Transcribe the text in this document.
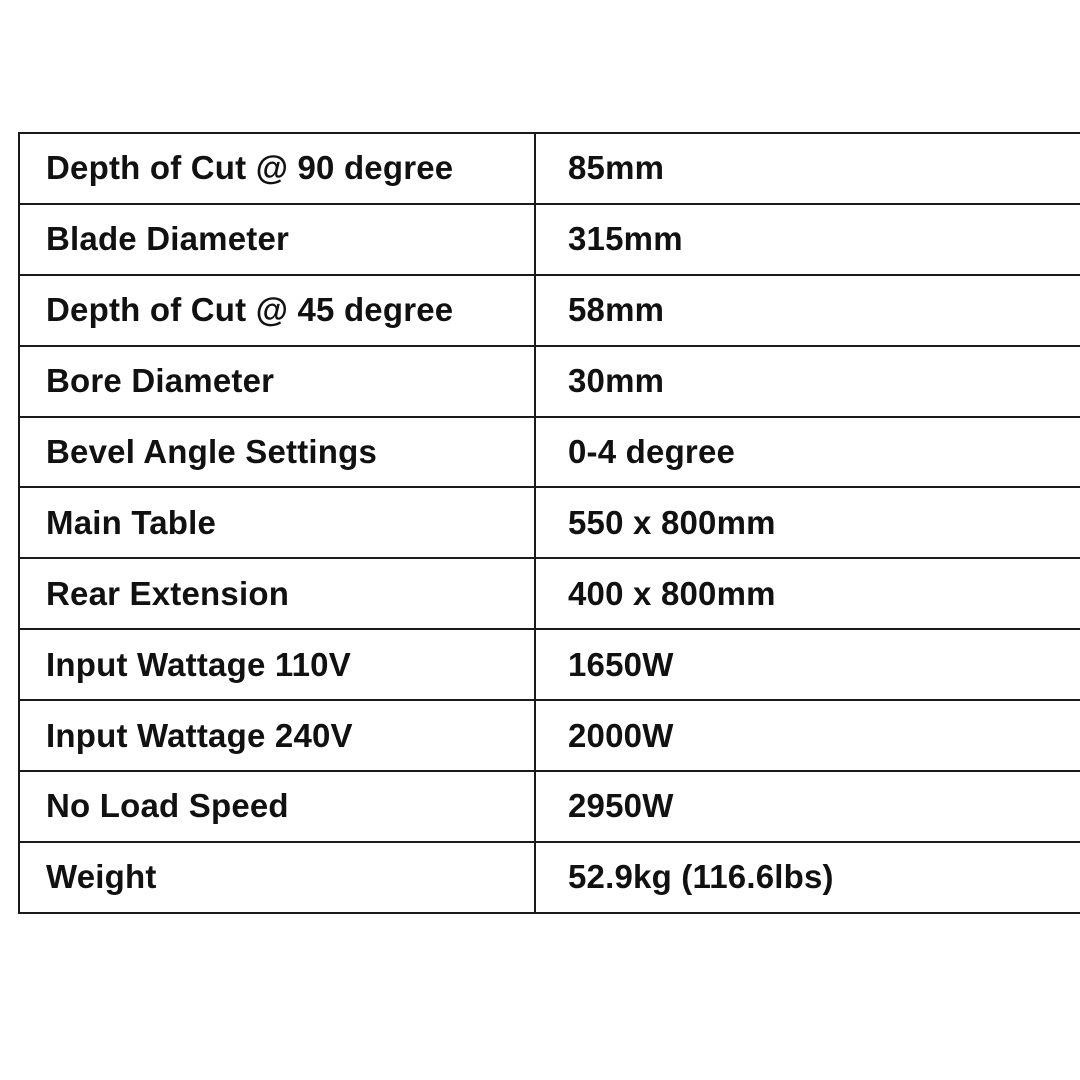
Depth of Cut @ 90 degree	85mm
Blade Diameter	315mm
Depth of Cut @ 45 degree	58mm
Bore Diameter	30mm
Bevel Angle Settings	0-4 degree
Main Table	550 x 800mm
Rear Extension	400 x 800mm
Input Wattage 110V	1650W
Input Wattage 240V	2000W
No Load Speed	2950W
Weight	52.9kg (116.6lbs)
